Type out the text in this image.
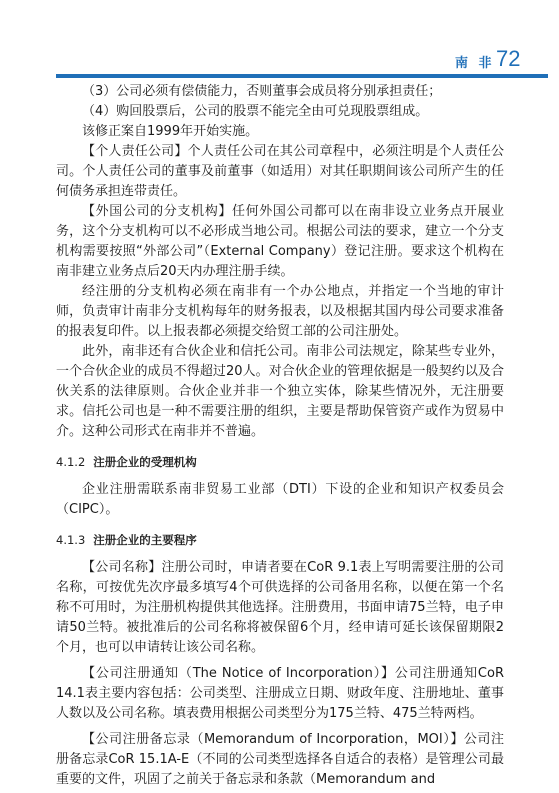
南 非 72

（3）公司必须有偿债能力，否则董事会成员将分别承担责任；

（4）购回股票后，公司的股票不能完全由可兑现股票组成。

该修正案自1999年开始实施。

【个人责任公司】个人责任公司在其公司章程中，必须注明是个人责任公司。个人责任公司的董事及前董事（如适用）对其任职期间该公司所产生的任何债务承担连带责任。

【外国公司的分支机构】任何外国公司都可以在南非设立业务点开展业务，这个分支机构可以不必形成当地公司。根据公司法的要求，建立一个分支机构需要按照“外部公司”（External Company）登记注册。要求这个机构在南非建立业务点后20天内办理注册手续。

经注册的分支机构必须在南非有一个办公地点，并指定一个当地的审计师，负责审计南非分支机构每年的财务报表，以及根据其国内母公司要求准备的报表复印件。以上报表都必须提交给贸工部的公司注册处。

此外，南非还有合伙企业和信托公司。南非公司法规定，除某些专业外，一个合伙企业的成员不得超过20人。对合伙企业的管理依据是一般契约以及合伙关系的法律原则。合伙企业并非一个独立实体，除某些情况外，无注册要求。信托公司也是一种不需要注册的组织，主要是帮助保管资产或作为贸易中介。这种公司形式在南非并不普遍。

4.1.2 注册企业的受理机构

企业注册需联系南非贸易工业部（DTI）下设的企业和知识产权委员会（CIPC）。

4.1.3 注册企业的主要程序

【公司名称】注册公司时，申请者要在CoR 9.1表上写明需要注册的公司名称，可按优先次序最多填写4个可供选择的公司备用名称，以便在第一个名称不可用时，为注册机构提供其他选择。注册费用，书面申请75兰特，电子申请50兰特。被批准后的公司名称将被保留6个月，经申请可延长该保留期限2个月，也可以申请转让该公司名称。

【公司注册通知（The Notice of Incorporation）】公司注册通知CoR 14.1表主要内容包括：公司类型、注册成立日期、财政年度、注册地址、董事人数以及公司名称。填表费用根据公司类型分为175兰特、475兰特两档。

【公司注册备忘录（Memorandum of Incorporation，MOI）】公司注册备忘录CoR 15.1A-E（不同的公司类型选择各自适合的表格）是管理公司最重要的文件，巩固了之前关于备忘录和条款（Memorandum and
